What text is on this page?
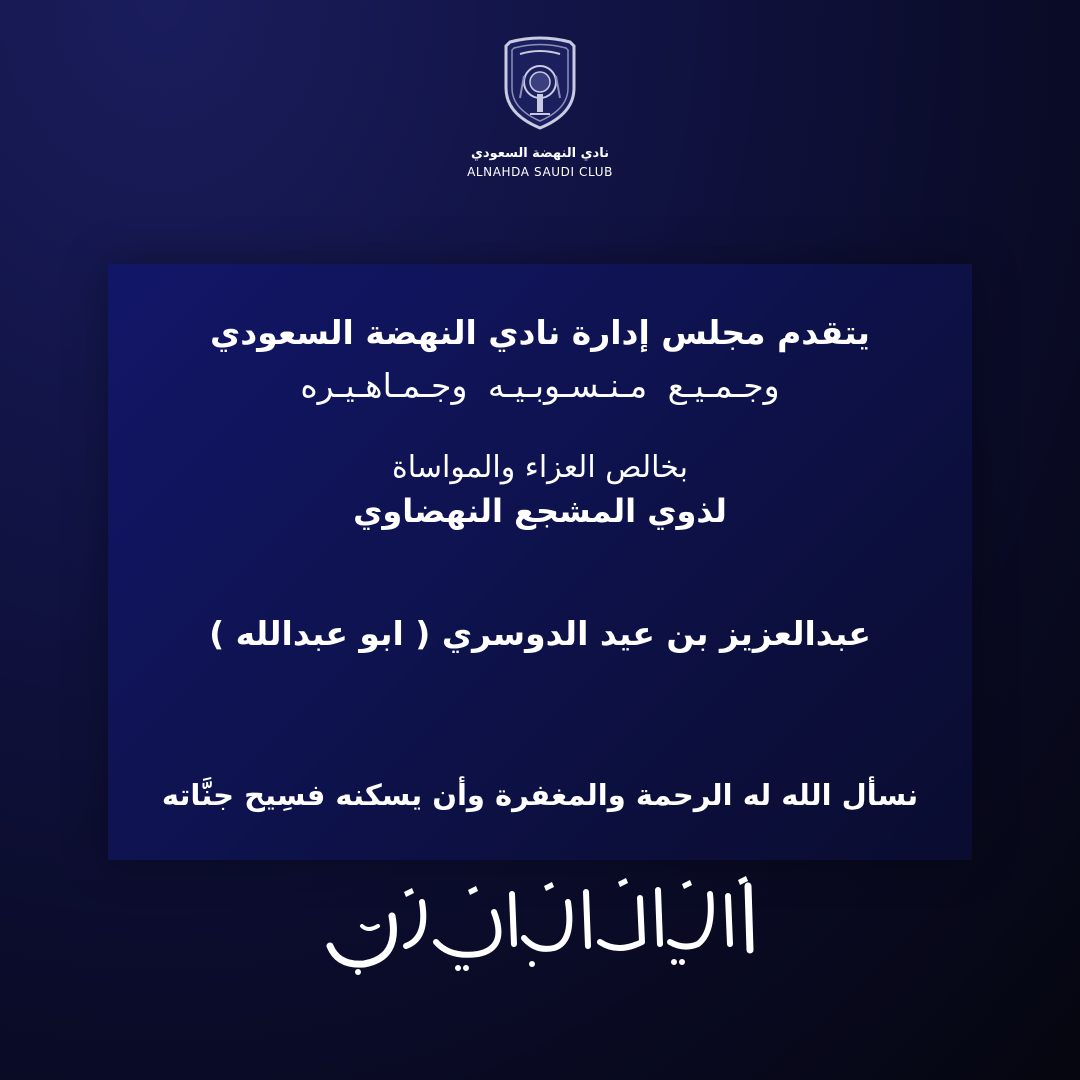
نادي النهضة السعودي
ALNAHDA SAUDI CLUB
يتقدم مجلس إدارة نادي النهضة السعودي
وجـمـيـع مـنـسـوبـيـه وجـمـاهـيـره
بخالص العزاء والمواساة
لذوي المشجع النهضاوي
عبدالعزيز بن عيد الدوسري ( ابو عبدالله )
نسأل الله له الرحمة والمغفرة وأن يسكنه فسِيح جنَّاته
